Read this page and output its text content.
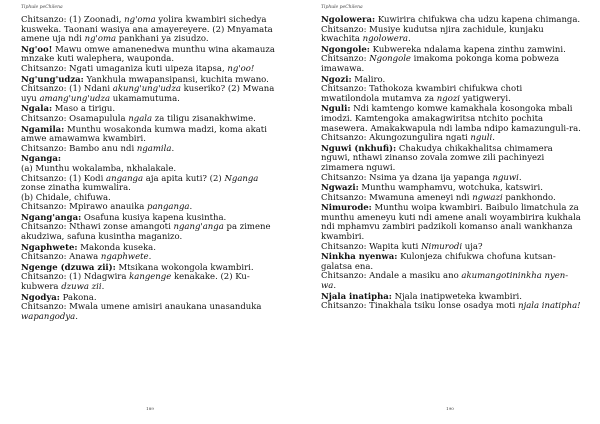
Tiphule peChilena

Chitsanzo: (1) Zoonadi, ng'oma yolira kwambiri sichedya kusweka. Taonani wasiya ana amayereyere. (2) Mnyamata amene uja ndi ng'oma pankhani ya zisudzo.

Ng'oo! Mawu omwe amanenedwa munthu wina akamauza mnzake kuti walephera, wauponda.

Chitsanzo: Ngati umaganiza kuti uipeza itapsa, ng'oo!

Ng'ung'udza: Yankhula mwapansipansi, kuchita mwano.

Chitsanzo: (1) Ndani akung'ung'udza kuseriko? (2) Mwana uyu amang'ung'udza ukamamutuma.

Ngala: Maso a tirigu.

Chitsanzo: Osamapulula ngala za tiligu zisanakhwime.

Ngamila: Munthu wosakonda kumwa madzi, koma akati amwe amawamwa kwambiri.

Chitsanzo: Bambo anu ndi ngamila.

Nganga:

(a) Munthu wokalamba, nkhalakale.

Chitsanzo: (1) Kodi anganga aja apita kuti? (2) Nganga zonse zinatha kumwalira.

(b) Chidale, chifuwa.

Chitsanzo: Mpirawo anauika panganga.

Ngang'anga: Osafuna kusiya kapena kusintha.

Chitsanzo: Nthawi zonse amangoti ngang'anga pa zimene akudziwa, safuna kusintha maganizo.

Ngaphwete: Makonda kuseka.

Chitsanzo: Anawa ngaphwete.

Ngenge (dzuwa zii): Mtsikana wokongola kwambiri.

Chitsanzo: (1) Ndagwira kangenge kenakake. (2) Ku-kubwera dzuwa zii.

Ngodya: Pakona.

Chitsanzo: Mwala umene amisiri anaukana unasanduka wapangodya.

189
Tiphule peChilena

Ngolowera: Kuwirira chifukwa cha udzu kapena chimanga.

Chitsanzo: Musiye kudutsa njira zachidule, kunjaku kwachita ngolowera.

Ngongole: Kubwereka ndalama kapena zinthu zamwini.

Chitsanzo: Ngongole imakoma pokonga koma pobweza imawawa.

Ngozi: Maliro.

Chitsanzo: Tathokoza kwambiri chifukwa choti mwatilondola mutamva za ngozi yatigweryi.

Nguli: Ndi kamtengo komwe kamakhala kosongoka mbali imodzi. Kamtengoka amakagwiritsa ntchito pochita masewera. Amakakwapula ndi lamba ndipo kamazunguli-ra.

Chitsanzo: Akungozungulira ngati nguli.

Nguwi (nkhufi): Chakudya chikakhalitsa chimamera nguwi, nthawi zinanso zovala zomwe zili pachinyezi zimamera nguwi.

Chitsanzo: Nsima ya dzana ija yapanga nguwi.

Ngwazi: Munthu wamphamvu, wotchuka, katswiri.

Chitsanzo: Mwamuna ameneyi ndi ngwazi pankhondo.

Nimurode: Munthu woipa kwambiri. Baibulo limatchula za munthu ameneyu kuti ndi amene anali woyambirira kukhala ndi mphamvu zambiri padzikoli komanso anali wankhanza kwambiri.

Chitsanzo: Wapita kuti Nimurodi uja?

Ninkha nyenwa: Kulonjeza chifukwa chofuna kutsan-galatsa ena.

Chitsanzo: Andale a masiku ano akumangotininkha nyen-wa.

Njala inatipha: Njala inatipweteka kwambiri.

Chitsanzo: Tinakhala tsiku lonse osadya moti njala inatipha!

190
